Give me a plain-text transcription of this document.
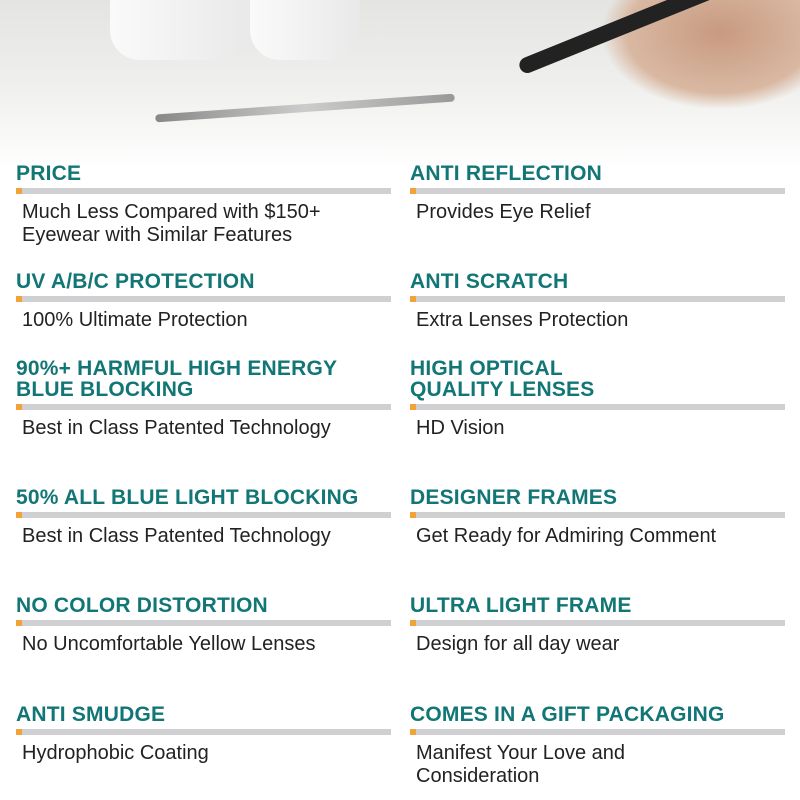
PRICE

Much Less Compared with $150+ Eyewear with Similar Features

ANTI REFLECTION

Provides Eye Relief

UV A/B/C PROTECTION

100% Ultimate Protection

ANTI SCRATCH

Extra Lenses Protection

90%+ HARMFUL HIGH ENERGY BLUE BLOCKING

Best in Class Patented Technology

HIGH OPTICAL QUALITY LENSES

HD Vision

50% ALL BLUE LIGHT BLOCKING

Best in Class Patented Technology

DESIGNER FRAMES

Get Ready for Admiring Comment

NO COLOR DISTORTION

No Uncomfortable Yellow Lenses

ULTRA LIGHT FRAME

Design for all day wear

ANTI SMUDGE

Hydrophobic Coating

COMES IN A GIFT PACKAGING

Manifest Your Love and Consideration
